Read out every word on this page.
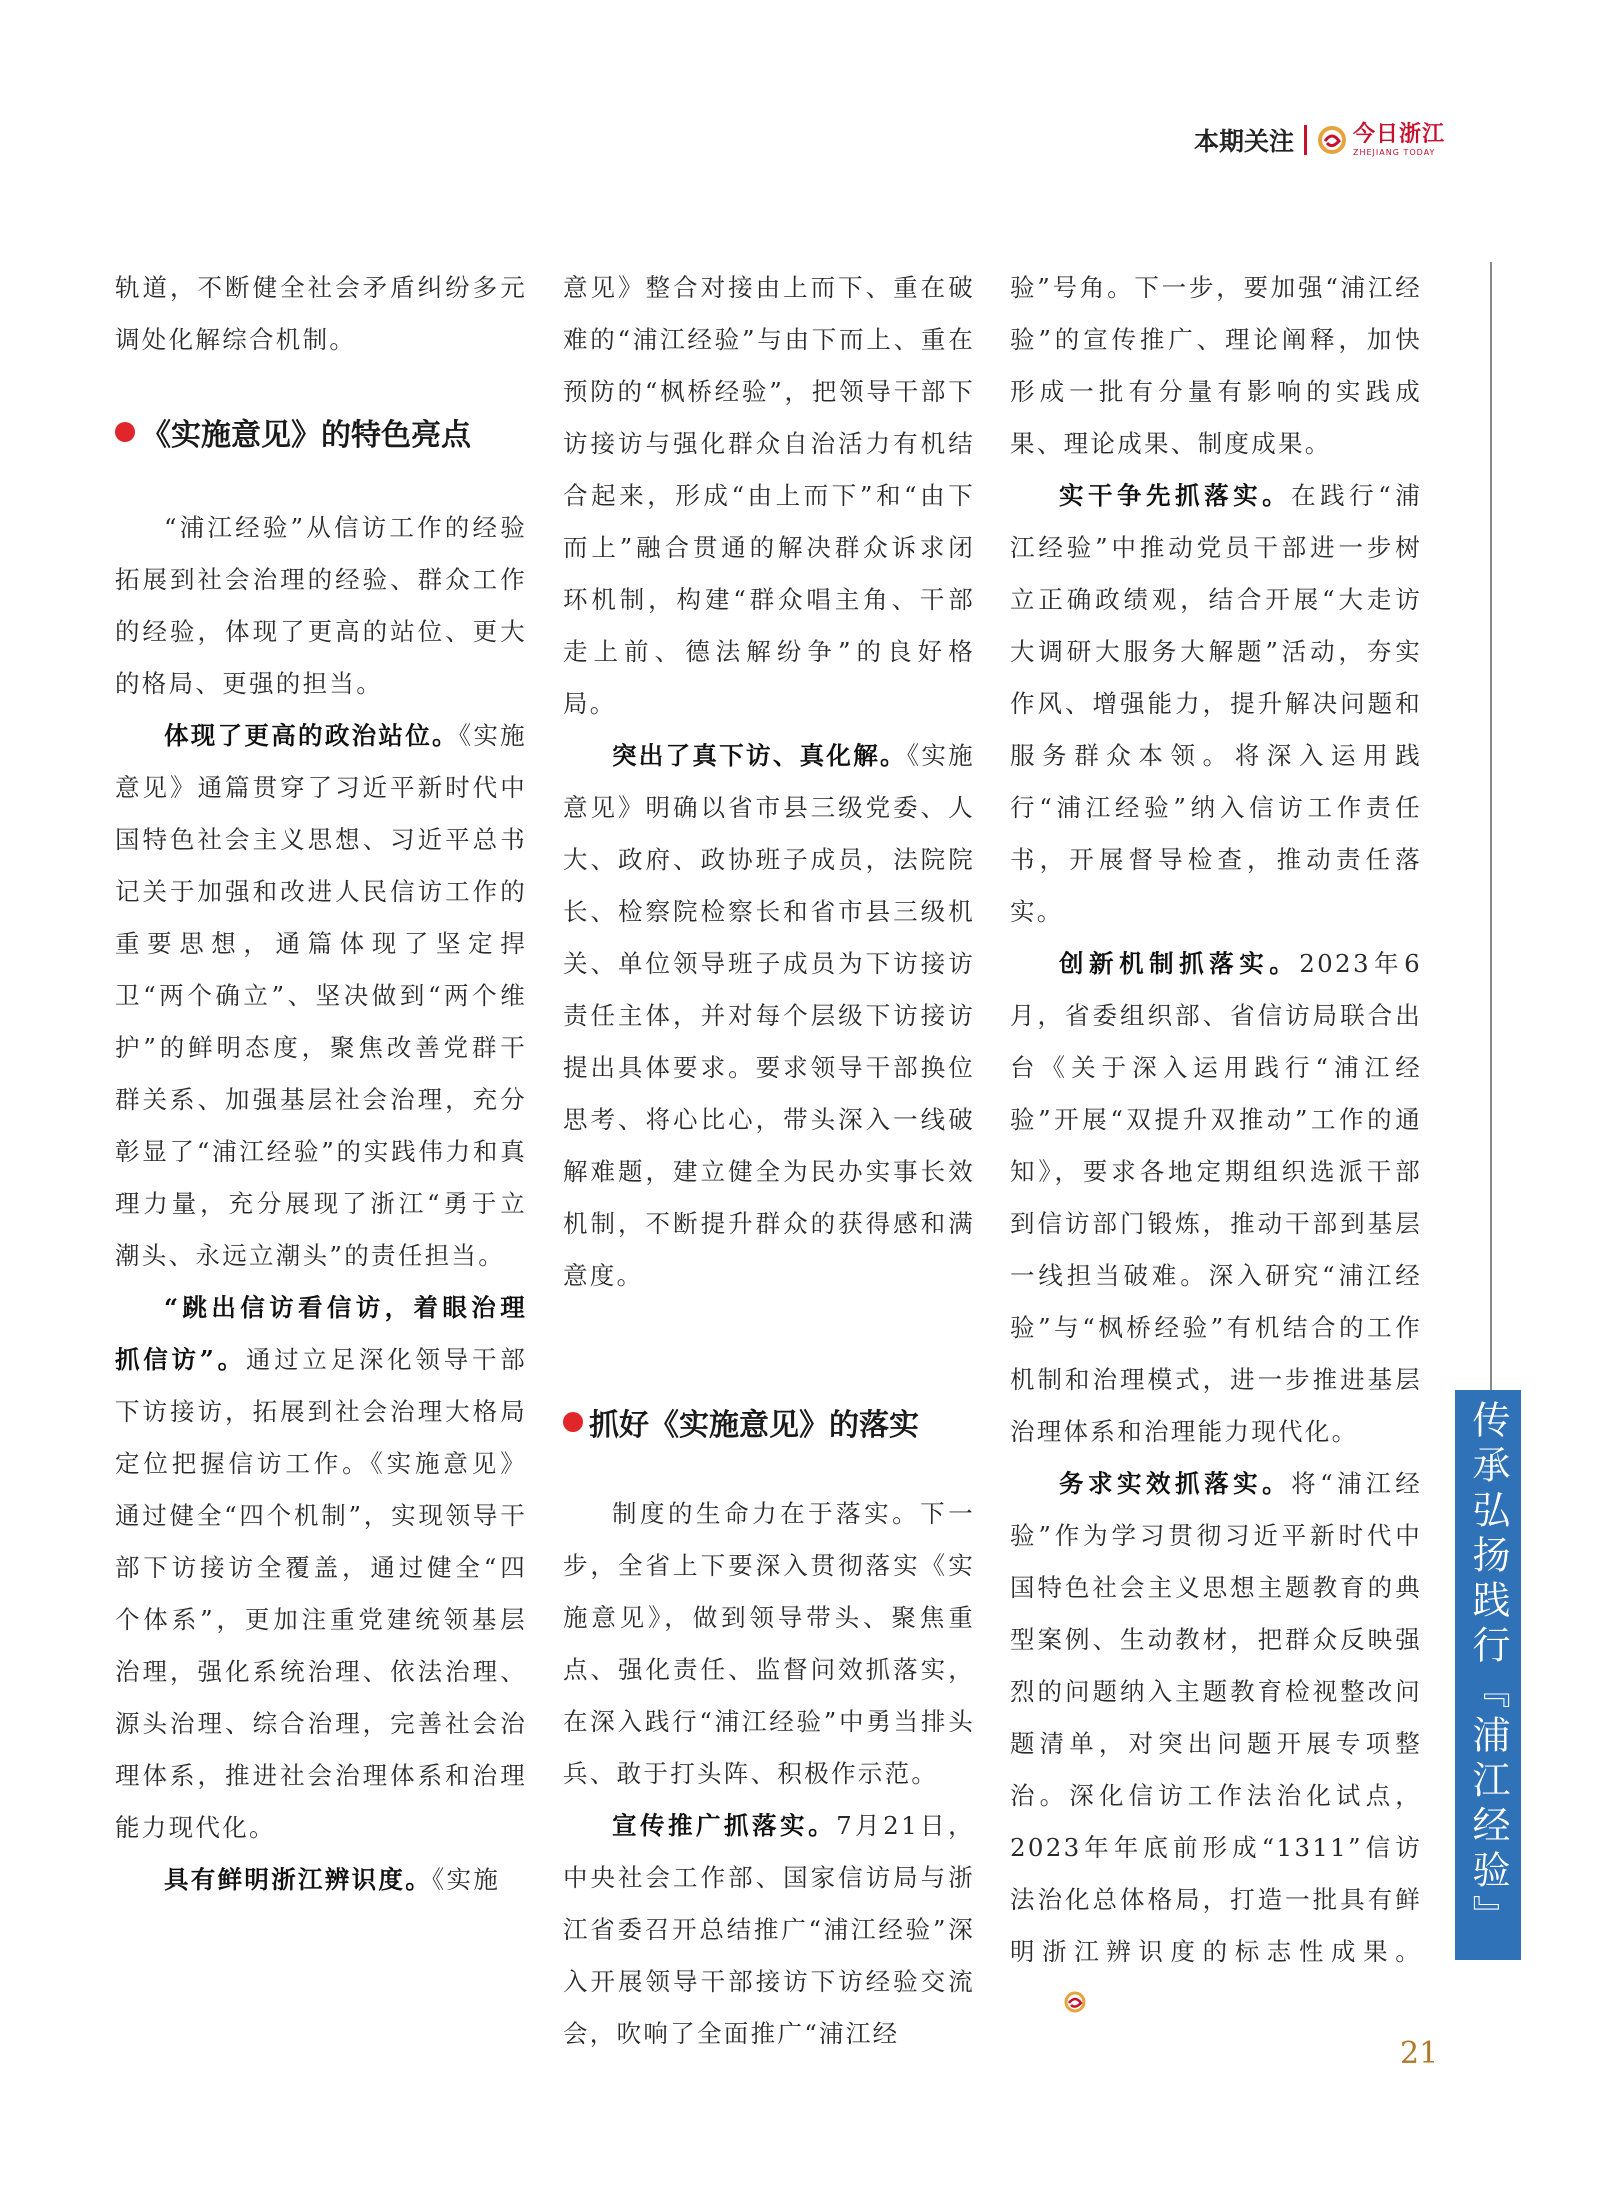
本期关注	今日浙江
ZHEJIANG TODAY

轨道，不断健全社会矛盾纠纷多元调处化解综合机制。

《实施意见》的特色亮点

“浦江经验”从信访工作的经验拓展到社会治理的经验、群众工作的经验，体现了更高的站位、更大的格局、更强的担当。

体现了更高的政治站位。《实施意见》通篇贯穿了习近平新时代中国特色社会主义思想、习近平总书记关于加强和改进人民信访工作的重要思想，通篇体现了坚定捍卫“两个确立”、坚决做到“两个维护”的鲜明态度，聚焦改善党群干群关系、加强基层社会治理，充分彰显了“浦江经验”的实践伟力和真理力量，充分展现了浙江“勇于立潮头、永远立潮头”的责任担当。

“跳出信访看信访，着眼治理抓信访”。通过立足深化领导干部下访接访，拓展到社会治理大格局定位把握信访工作。《实施意见》通过健全“四个机制”，实现领导干部下访接访全覆盖，通过健全“四个体系”，更加注重党建统领基层治理，强化系统治理、依法治理、源头治理、综合治理，完善社会治理体系，推进社会治理体系和治理能力现代化。

具有鲜明浙江辨识度。《实施

意见》整合对接由上而下、重在破难的“浦江经验”与由下而上、重在预防的“枫桥经验”，把领导干部下访接访与强化群众自治活力有机结合起来，形成“由上而下”和“由下而上”融合贯通的解决群众诉求闭环机制，构建“群众唱主角、干部走上前、德法解纷争”的良好格局。

突出了真下访、真化解。《实施意见》明确以省市县三级党委、人大、政府、政协班子成员，法院院长、检察院检察长和省市县三级机关、单位领导班子成员为下访接访责任主体，并对每个层级下访接访提出具体要求。要求领导干部换位思考、将心比心，带头深入一线破解难题，建立健全为民办实事长效机制，不断提升群众的获得感和满意度。

抓好《实施意见》的落实

制度的生命力在于落实。下一步，全省上下要深入贯彻落实《实施意见》，做到领导带头、聚焦重点、强化责任、监督问效抓落实，在深入践行“浦江经验”中勇当排头兵、敢于打头阵、积极作示范。

宣传推广抓落实。7月21日，中央社会工作部、国家信访局与浙江省委召开总结推广“浦江经验”深入开展领导干部接访下访经验交流会，吹响了全面推广“浦江经

验”号角。下一步，要加强“浦江经验”的宣传推广、理论阐释，加快形成一批有分量有影响的实践成果、理论成果、制度成果。

实干争先抓落实。在践行“浦江经验”中推动党员干部进一步树立正确政绩观，结合开展“大走访大调研大服务大解题”活动，夯实作风、增强能力，提升解决问题和服务群众本领。将深入运用践行“浦江经验”纳入信访工作责任书，开展督导检查，推动责任落实。

创新机制抓落实。2023年6月，省委组织部、省信访局联合出台《关于深入运用践行“浦江经验”开展“双提升双推动”工作的通知》，要求各地定期组织选派干部到信访部门锻炼，推动干部到基层一线担当破难。深入研究“浦江经验”与“枫桥经验”有机结合的工作机制和治理模式，进一步推进基层治理体系和治理能力现代化。

务求实效抓落实。将“浦江经验”作为学习贯彻习近平新时代中国特色社会主义思想主题教育的典型案例、生动教材，把群众反映强烈的问题纳入主题教育检视整改问题清单，对突出问题开展专项整治。深化信访工作法治化试点，2023年年底前形成“1311”信访法治化总体格局，打造一批具有鲜明浙江辨识度的标志性成果。

传承弘扬践行『浦江经验』
21
